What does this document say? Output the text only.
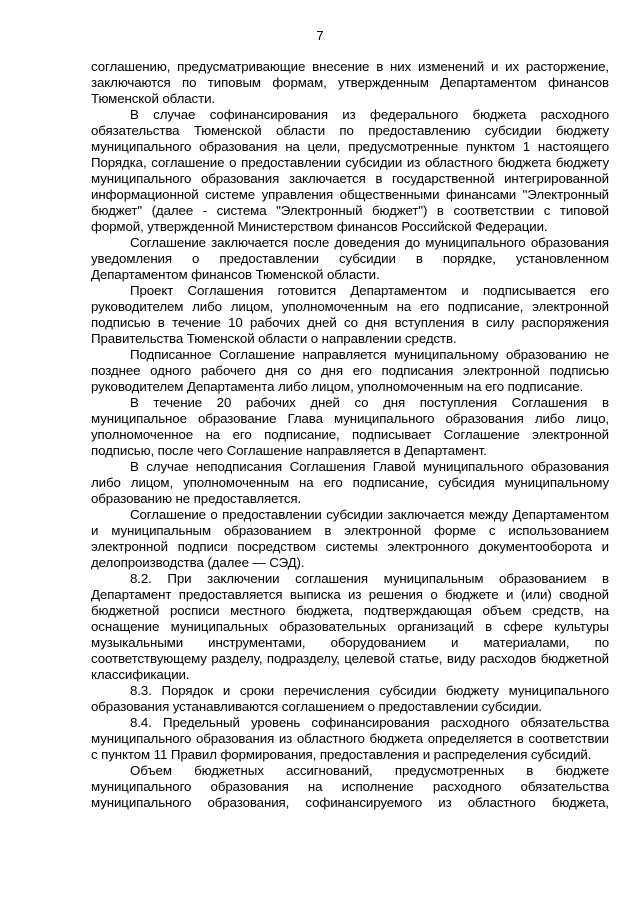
7

соглашению, предусматривающие внесение в них изменений и их расторжение, заключаются по типовым формам, утвержденным Департаментом финансов Тюменской области.

В случае софинансирования из федерального бюджета расходного обязательства Тюменской области по предоставлению субсидии бюджету муниципального образования на цели, предусмотренные пунктом 1 настоящего Порядка, соглашение о предоставлении субсидии из областного бюджета бюджету муниципального образования заключается в государственной интегрированной информационной системе управления общественными финансами "Электронный бюджет" (далее - система "Электронный бюджет") в соответствии с типовой формой, утвержденной Министерством финансов Российской Федерации.

Соглашение заключается после доведения до муниципального образования уведомления о предоставлении субсидии в порядке, установленном Департаментом финансов Тюменской области.

Проект Соглашения готовится Департаментом и подписывается его руководителем либо лицом, уполномоченным на его подписание, электронной подписью в течение 10 рабочих дней со дня вступления в силу распоряжения Правительства Тюменской области о направлении средств.

Подписанное Соглашение направляется муниципальному образованию не позднее одного рабочего дня со дня его подписания электронной подписью руководителем Департамента либо лицом, уполномоченным на его подписание.

В течение 20 рабочих дней со дня поступления Соглашения в муниципальное образование Глава муниципального образования либо лицо, уполномоченное на его подписание, подписывает Соглашение электронной подписью, после чего Соглашение направляется в Департамент.

В случае неподписания Соглашения Главой муниципального образования либо лицом, уполномоченным на его подписание, субсидия муниципальному образованию не предоставляется.

Соглашение о предоставлении субсидии заключается между Департаментом и муниципальным образованием в электронной форме с использованием электронной подписи посредством системы электронного документооборота и делопроизводства (далее — СЭД).

8.2. При заключении соглашения муниципальным образованием в Департамент предоставляется выписка из решения о бюджете и (или) сводной бюджетной росписи местного бюджета, подтверждающая объем средств, на оснащение муниципальных образовательных организаций в сфере культуры музыкальными инструментами, оборудованием и материалами, по соответствующему разделу, подразделу, целевой статье, виду расходов бюджетной классификации.

8.3. Порядок и сроки перечисления субсидии бюджету муниципального образования устанавливаются соглашением о предоставлении субсидии.

8.4. Предельный уровень софинансирования расходного обязательства муниципального образования из областного бюджета определяется в соответствии с пунктом 11 Правил формирования, предоставления и распределения субсидий.

Объем бюджетных ассигнований, предусмотренных в бюджете муниципального образования на исполнение расходного обязательства муниципального образования, софинансируемого из областного бюджета,
